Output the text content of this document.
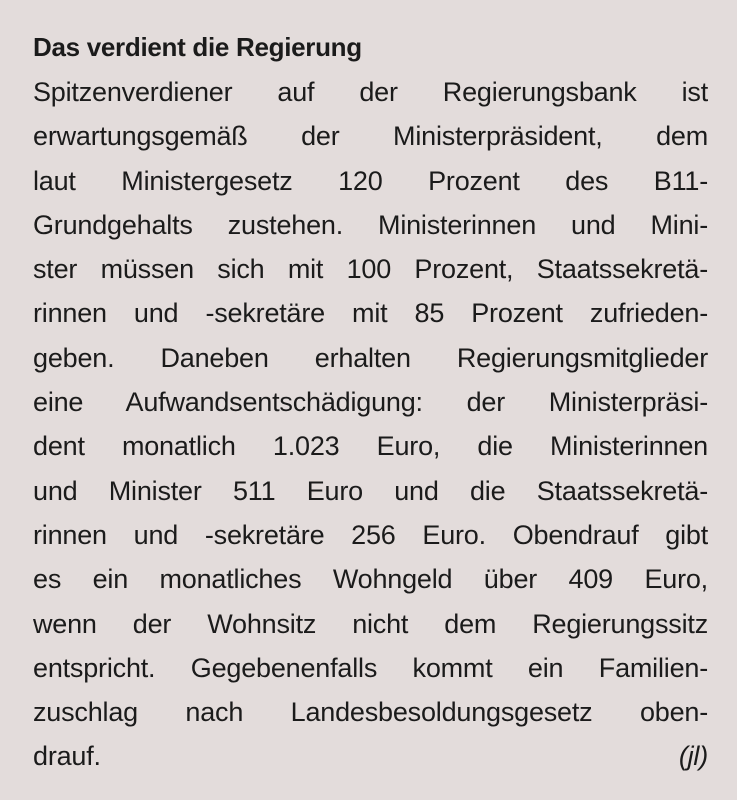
Das verdient die Regierung
Spitzenverdiener auf der Regierungsbank ist
erwartungsgemäß der Ministerpräsident, dem
laut Ministergesetz 120 Prozent des B11-
Grundgehalts zustehen. Ministerinnen und Mini-
ster müssen sich mit 100 Prozent, Staatssekretä-
rinnen und -sekretäre mit 85 Prozent zufrieden-
geben. Daneben erhalten Regierungsmitglieder
eine Aufwandsentschädigung: der Ministerpräsi-
dent monatlich 1.023 Euro, die Ministerinnen
und Minister 511 Euro und die Staatssekretä-
rinnen und -sekretäre 256 Euro. Obendrauf gibt
es ein monatliches Wohngeld über 409 Euro,
wenn der Wohnsitz nicht dem Regierungssitz
entspricht. Gegebenenfalls kommt ein Familien-
zuschlag nach Landesbesoldungsgesetz oben-
drauf.	(jl)
